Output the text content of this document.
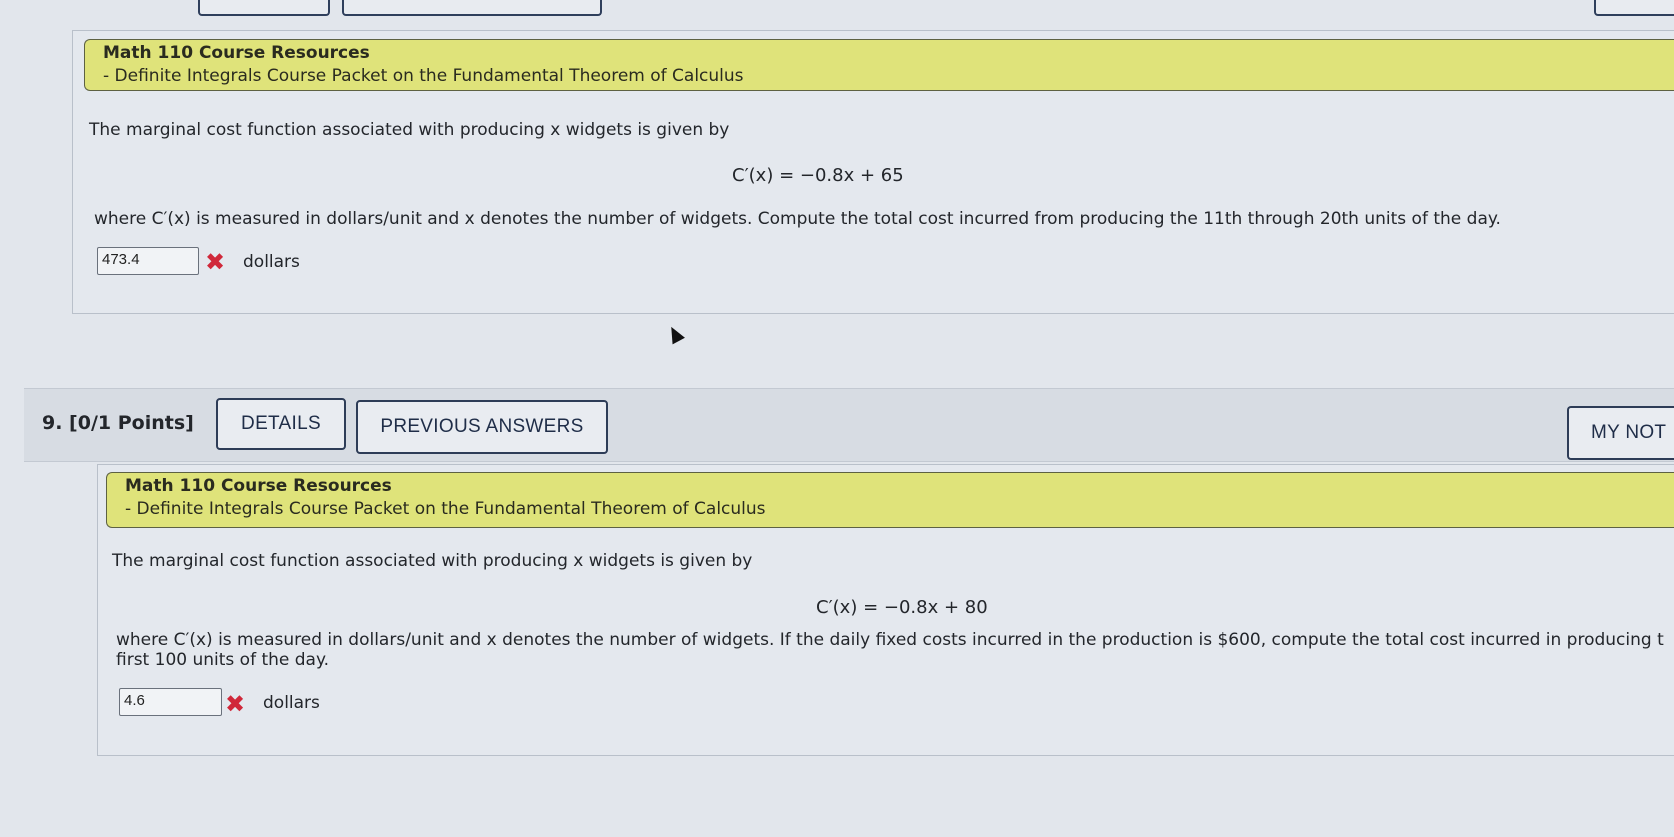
Math 110 Course Resources
- Definite Integrals Course Packet on the Fundamental Theorem of Calculus
The marginal cost function associated with producing x widgets is given by
C′(x) = −0.8x + 65
where C′(x) is measured in dollars/unit and x denotes the number of widgets. Compute the total cost incurred from producing the 11th through 20th units of the day.
473.4	✖ dollars
9. [0/1 Points]	DETAILS	PREVIOUS ANSWERS	MY NOT
Math 110 Course Resources
- Definite Integrals Course Packet on the Fundamental Theorem of Calculus
The marginal cost function associated with producing x widgets is given by
C′(x) = −0.8x + 80
where C′(x) is measured in dollars/unit and x denotes the number of widgets. If the daily fixed costs incurred in the production is $600, compute the total cost incurred in producing t
first 100 units of the day.
4.6	✖ dollars
